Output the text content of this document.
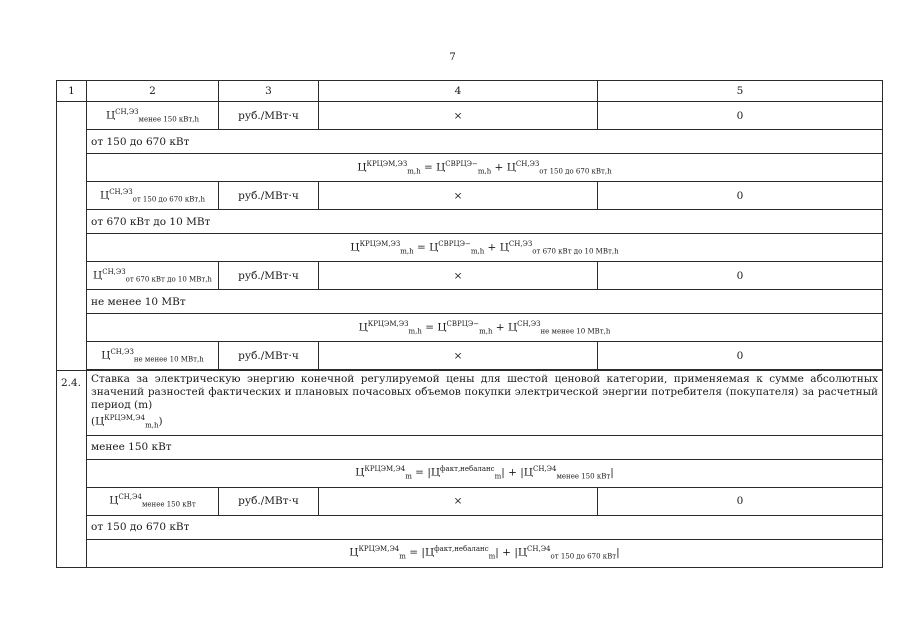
7
1	2	3	4	5
	$Ц^{СН,ЭЗ}_{менее 150 кВт,h}$	руб./МВт·ч	×	0
	от 150 до 670 кВт			
	$Ц^{КРЦЭМ,ЭЗ}_{m,h} = Ц^{СВРЦЭ-}_{m,h} + Ц^{СН,ЭЗ}_{от 150 до 670 кВт,h}$
	$Ц^{СН,ЭЗ}_{от 150 до 670 кВт,h}$	руб./МВт·ч	×	0
	от 670 кВт до 10 МВт			
	$Ц^{КРЦЭМ,ЭЗ}_{m,h} = Ц^{СВРЦЭ-}_{m,h} + Ц^{СН,ЭЗ}_{от 670 кВт до 10 МВт,h}$
	$Ц^{СН,ЭЗ}_{от 670 кВт до 10 МВт,h}$	руб./МВт·ч	×	0
	не менее 10 МВт			
	$Ц^{КРЦЭМ,ЭЗ}_{m,h} = Ц^{СВРЦЭ-}_{m,h} + Ц^{СН,ЭЗ}_{не менее 10 МВт,h}$
	$Ц^{СН,ЭЗ}_{не менее 10 МВт,h}$	руб./МВт·ч	×	0

2.4.	Ставка за электрическую энергию конечной регулируемой цены для шестой ценовой категории, применяемая к сумме абсолютных значений разностей фактических и плановых почасовых объемов покупки электрической энергии потребителя (покупателя) за расчетный период (m)
$(Ц^{КРЦЭМ,Э4}_{m,h})$			
	менее 150 кВт			
	$Ц^{КРЦЭМ,Э4}_m = |Ц^{факт,небаланс}_m| + |Ц^{СН,Э4}_{менее 150 кВт}|$			
	$Ц^{СН,Э4}_{менее 150 кВт}$	руб./МВт·ч	×	0
	от 150 до 670 кВт			
	$Ц^{КРЦЭМ,Э4}_m = |Ц^{факт,небаланс}_m| + |Ц^{СН,Э4}_{от 150 до 670 кВт}|$			
